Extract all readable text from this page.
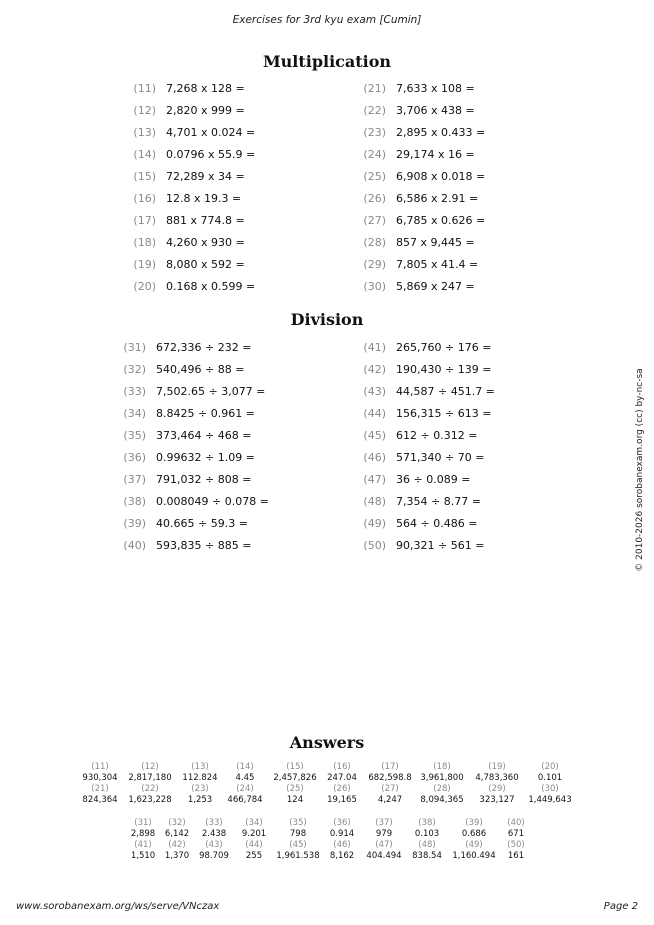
Exercises for 3rd kyu exam [Cumin]
Multiplication
(11) 7,268 x 128 =
(12) 2,820 x 999 =
(13) 4,701 x 0.024 =
(14) 0.0796 x 55.9 =
(15) 72,289 x 34 =
(16) 12.8 x 19.3 =
(17) 881 x 774.8 =
(18) 4,260 x 930 =
(19) 8,080 x 592 =
(20) 0.168 x 0.599 =
(21) 7,633 x 108 =
(22) 3,706 x 438 =
(23) 2,895 x 0.433 =
(24) 29,174 x 16 =
(25) 6,908 x 0.018 =
(26) 6,586 x 2.91 =
(27) 6,785 x 0.626 =
(28) 857 x 9,445 =
(29) 7,805 x 41.4 =
(30) 5,869 x 247 =
Division
(31) 672,336 ÷ 232 =
(32) 540,496 ÷ 88 =
(33) 7,502.65 ÷ 3,077 =
(34) 8.8425 ÷ 0.961 =
(35) 373,464 ÷ 468 =
(36) 0.99632 ÷ 1.09 =
(37) 791,032 ÷ 808 =
(38) 0.008049 ÷ 0.078 =
(39) 40.665 ÷ 59.3 =
(40) 593,835 ÷ 885 =
(41) 265,760 ÷ 176 =
(42) 190,430 ÷ 139 =
(43) 44,587 ÷ 451.7 =
(44) 156,315 ÷ 613 =
(45) 612 ÷ 0.312 =
(46) 571,340 ÷ 70 =
(47) 36 ÷ 0.089 =
(48) 7,354 ÷ 8.77 =
(49) 564 ÷ 0.486 =
(50) 90,321 ÷ 561 =	© 2010-2026 sorobanexam.org (cc) by-nc-sa
Answers
(11)
930,304
(12)
2,817,180
(13)
112.824
(14)
4.45
(15)
2,457,826
(16)
247.04
(17)
682,598.8
(18)
3,961,800
(19)
4,783,360
(20)
0.101
(21)
824,364
(22)
1,623,228
(23)
1,253
(24)
466,784
(25)
124
(26)
19,165
(27)
4,247
(28)
8,094,365
(29)
323,127
(30)
1,449,643
(31)
2,898
(32)
6,142
(33)
2.438
(34)
9.201
(35)
798
(36)
0.914
(37)
979
(38)
0.103
(39)
0.686
(40)
671
(41)
1,510
(42)
1,370
(43)
98.709
(44)
255
(45)
1,961.538
(46)
8,162
(47)
404.494
(48)
838.54
(49)
1,160.494
(50)
161
www.sorobanexam.org/ws/serve/VNczax	Page 2
